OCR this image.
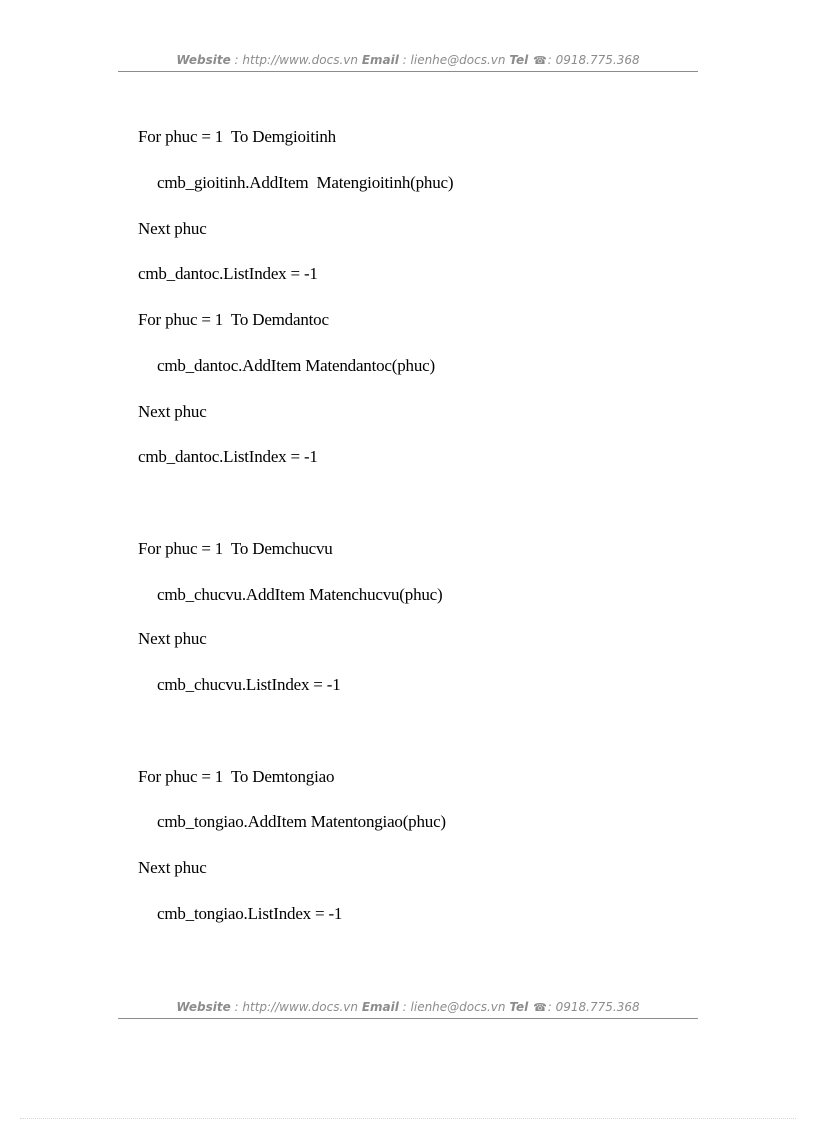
Website : http://www.docs.vn Email : lienhe@docs.vn Tel ☎: 0918.775.368
For phuc = 1  To Demgioitinh
cmb_gioitinh.AddItem  Matengioitinh(phuc)
Next phuc
cmb_dantoc.ListIndex = -1
For phuc = 1  To Demdantoc
cmb_dantoc.AddItem Matendantoc(phuc)
Next phuc
cmb_dantoc.ListIndex = -1
For phuc = 1  To Demchucvu
cmb_chucvu.AddItem Matenchucvu(phuc)
Next phuc
cmb_chucvu.ListIndex = -1
For phuc = 1  To Demtongiao
cmb_tongiao.AddItem Matentongiao(phuc)
Next phuc
cmb_tongiao.ListIndex = -1
Website : http://www.docs.vn Email : lienhe@docs.vn Tel ☎: 0918.775.368
